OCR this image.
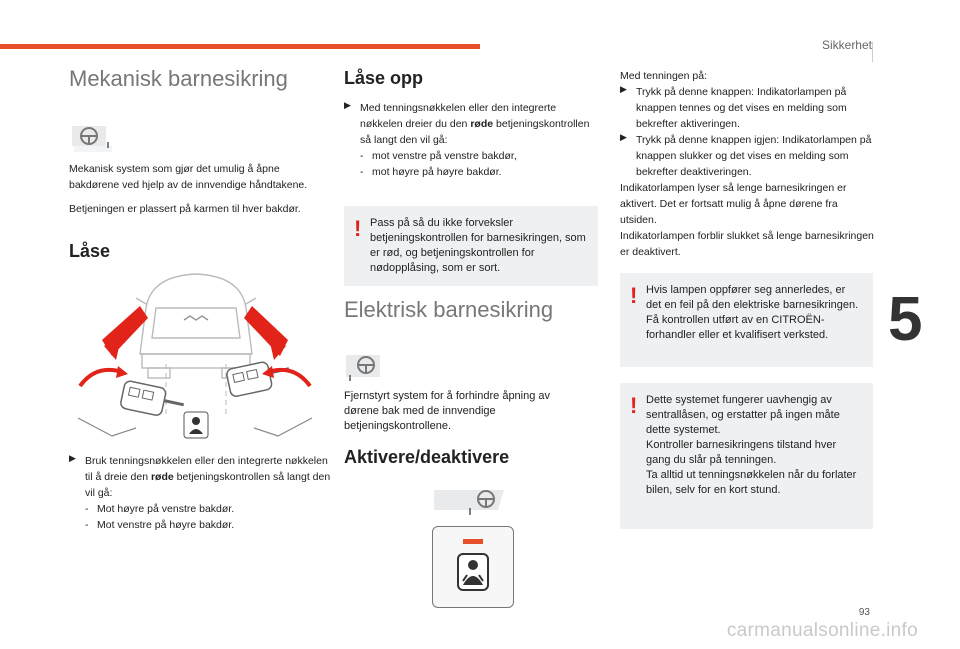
Sikkerhet
5
Mekanisk barnesikring

Mekanisk system som gjør det umulig å åpne bakdørene ved hjelp av de innvendige håndtakene.

Betjeningen er plassert på karmen til hver bakdør.

Låse
▶ Bruk tenningsnøkkelen eller den integrerte nøkkelen til å dreie den røde betjeningskontrollen så langt den vil gå:
- Mot høyre på venstre bakdør.
- Mot venstre på høyre bakdør.
Låse opp
▶ Med tenningsnøkkelen eller den integrerte nøkkelen dreier du den røde betjeningskontrollen så langt den vil gå:
- mot venstre på venstre bakdør,
- mot høyre på høyre bakdør.
! Pass på så du ikke forveksler betjeningskontrollen for barnesikringen, som er rød, og betjeningskontrollen for nødopplåsing, som er sort.
Elektrisk barnesikring
Fjernstyrt system for å forhindre åpning av dørene bak med de innvendige betjeningskontrollene.
Aktivere/deaktivere

Med tenningen på:

▶ Trykk på denne knappen: Indikatorlampen på knappen tennes og det vises en melding som bekrefter aktiveringen.

▶ Trykk på denne knappen igjen: Indikatorlampen på knappen slukker og det vises en melding som bekrefter deaktiveringen.

Indikatorlampen lyser så lenge barnesikringen er aktivert. Det er fortsatt mulig å åpne dørene fra utsiden.

Indikatorlampen forblir slukket så lenge barnesikringen er deaktivert.

! Hvis lampen oppfører seg annerledes, er det en feil på den elektriske barnesikringen.
Få kontrollen utført av en CITROËN-forhandler eller et kvalifisert verksted.
! Dette systemet fungerer uavhengig av sentrallåsen, og erstatter på ingen måte dette systemet.
Kontroller barnesikringens tilstand hver gang du slår på tenningen.
Ta alltid ut tenningsnøkkelen når du forlater bilen, selv for en kort stund.
93
carmanualsonline.info
